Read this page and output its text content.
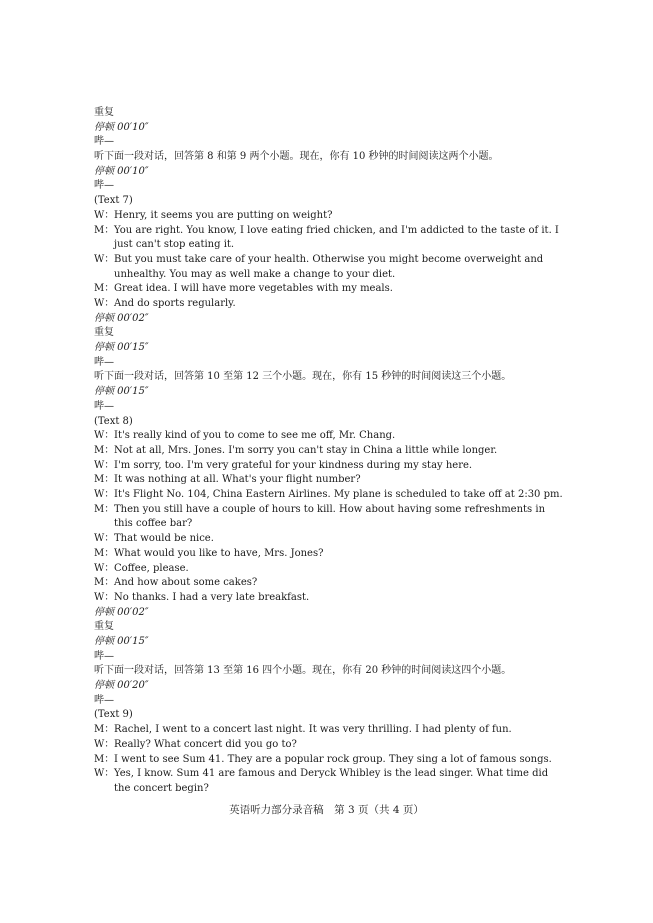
重复
停顿 00′10″
哔—
听下面一段对话，回答第 8 和第 9 两个小题。现在，你有 10 秒钟的时间阅读这两个小题。
停顿 00′10″
哔—
(Text 7)
W：Henry, it seems you are putting on weight?
M：You are right. You know, I love eating fried chicken, and I'm addicted to the taste of it. I just can't stop eating it.
W：But you must take care of your health. Otherwise you might become overweight and unhealthy. You may as well make a change to your diet.
M：Great idea. I will have more vegetables with my meals.
W：And do sports regularly.
停顿 00′02″
重复
停顿 00′15″
哔—
听下面一段对话，回答第 10 至第 12 三个小题。现在，你有 15 秒钟的时间阅读这三个小题。
停顿 00′15″
哔—
(Text 8)
W：It's really kind of you to come to see me off, Mr. Chang.
M：Not at all, Mrs. Jones. I'm sorry you can't stay in China a little while longer.
W：I'm sorry, too. I'm very grateful for your kindness during my stay here.
M：It was nothing at all. What's your flight number?
W：It's Flight No. 104, China Eastern Airlines. My plane is scheduled to take off at 2:30 pm.
M：Then you still have a couple of hours to kill. How about having some refreshments in this coffee bar?
W：That would be nice.
M：What would you like to have, Mrs. Jones?
W：Coffee, please.
M：And how about some cakes?
W：No thanks. I had a very late breakfast.
停顿 00′02″
重复
停顿 00′15″
哔—
听下面一段对话，回答第 13 至第 16 四个小题。现在，你有 20 秒钟的时间阅读这四个小题。
停顿 00′20″
哔—
(Text 9)
M：Rachel, I went to a concert last night. It was very thrilling. I had plenty of fun.
W：Really? What concert did you go to?
M：I went to see Sum 41. They are a popular rock group. They sing a lot of famous songs.
W：Yes, I know. Sum 41 are famous and Deryck Whibley is the lead singer. What time did the concert begin?
英语听力部分录音稿　第 3 页（共 4 页）
